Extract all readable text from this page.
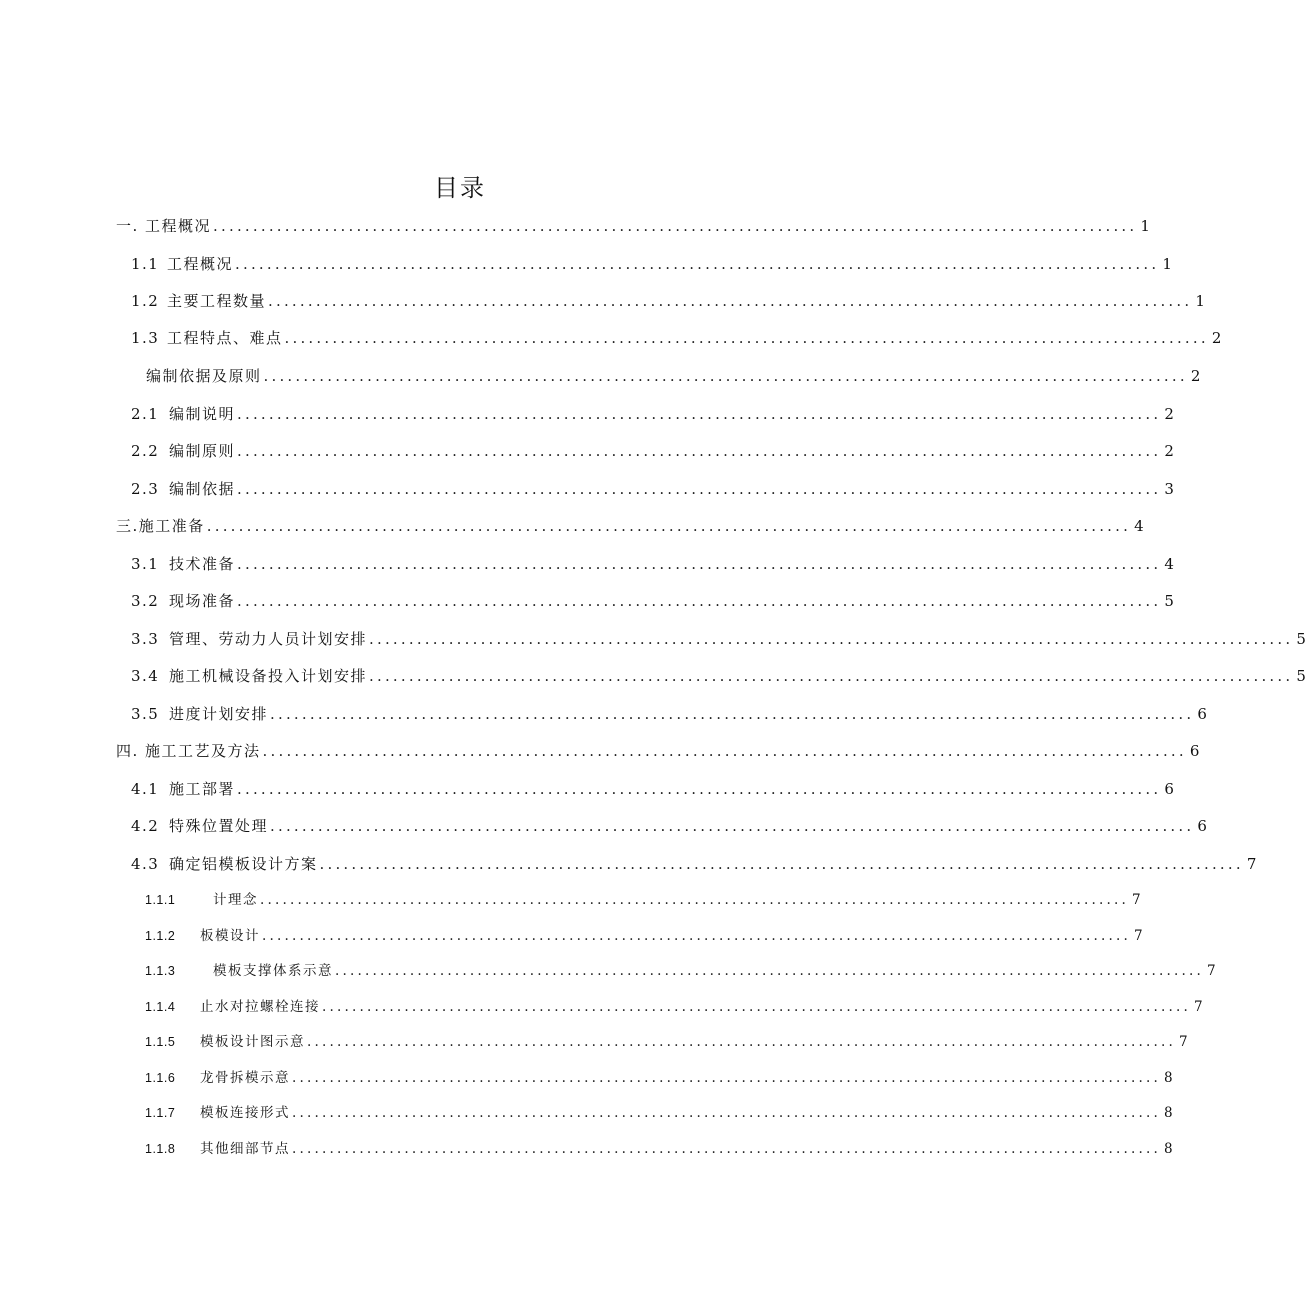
目录
一. 工程概况 .................................................................................................................... 1
1.1 工程概况 .................................................................................................................... 1
1.2 主要工程数量 .................................................................................................................... 1
1.3 工程特点、难点 .................................................................................................................... 2
编制依据及原则 .................................................................................................................... 2
2.1 编制说明 .................................................................................................................... 2
2.2 编制原则 .................................................................................................................... 2
2.3 编制依据 .................................................................................................................... 3
三.施工准备 .................................................................................................................... 4
3.1 技术准备 .................................................................................................................... 4
3.2 现场准备 .................................................................................................................... 5
3.3 管理、劳动力人员计划安排 .................................................................................................................... 5
3.4 施工机械设备投入计划安排 .................................................................................................................... 5
3.5 进度计划安排 .................................................................................................................... 6
四. 施工工艺及方法 .................................................................................................................... 6
4.1 施工部署 .................................................................................................................... 6
4.2 特殊位置处理 .................................................................................................................... 6
4.3 确定铝模板设计方案 .................................................................................................................... 7
1.1.1	计理念 .................................................................................................................... 7
1.1.2	板模设计 .................................................................................................................... 7
1.1.3	模板支撑体系示意 .................................................................................................................... 7
1.1.4	止水对拉螺栓连接 .................................................................................................................... 7
1.1.5	模板设计图示意 .................................................................................................................... 7
1.1.6	龙骨拆模示意 .................................................................................................................... 8
1.1.7	模板连接形式 .................................................................................................................... 8
1.1.8	其他细部节点 .................................................................................................................... 8
